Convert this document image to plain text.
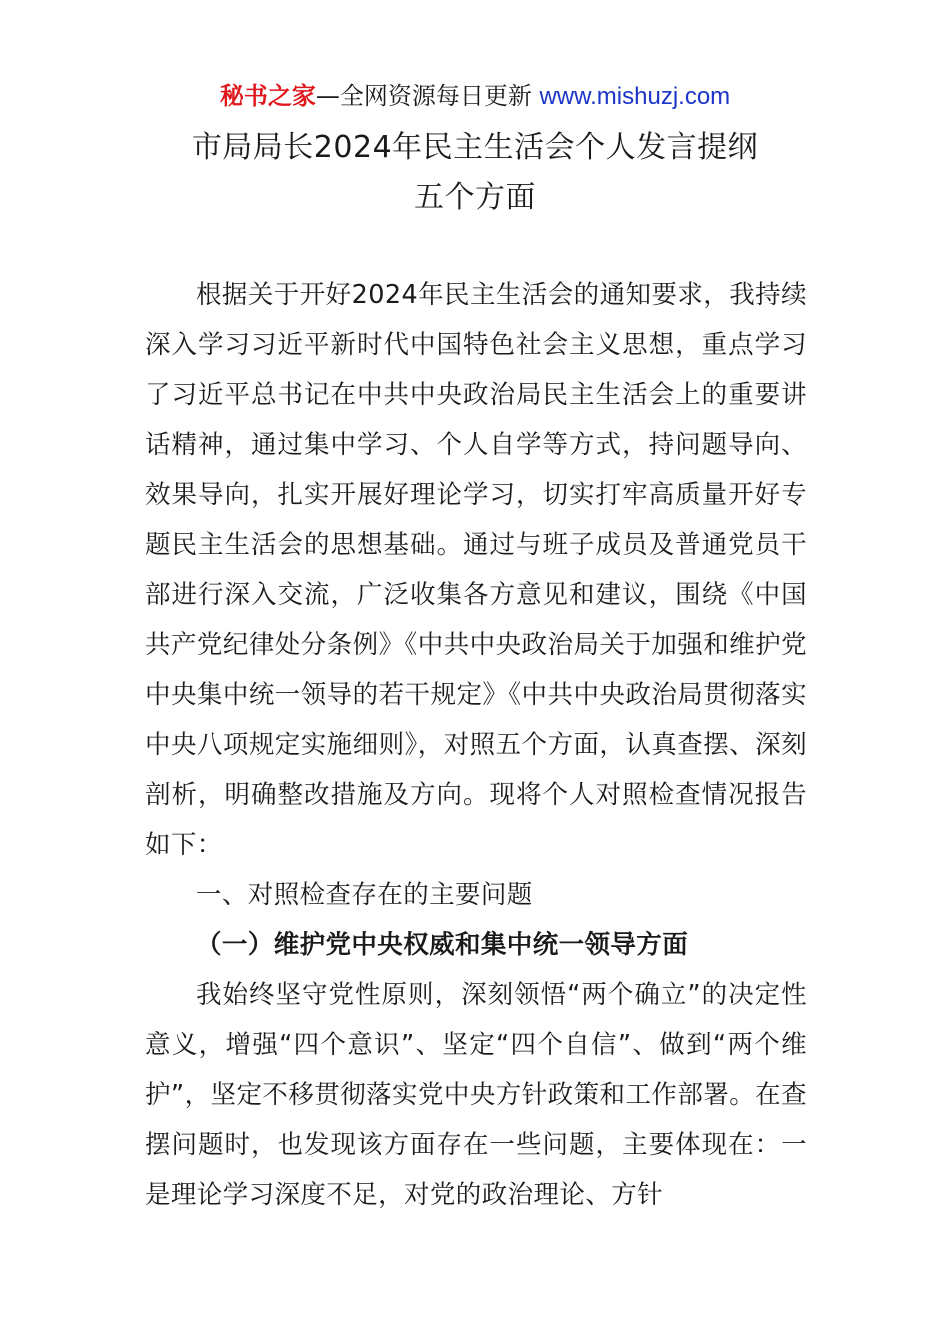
秘书之家—全网资源每日更新 www.mishuzj.com
市局局长2024年民主生活会个人发言提纲
五个方面

根据关于开好2024年民主生活会的通知要求，我持续深入学习习近平新时代中国特色社会主义思想，重点学习了习近平总书记在中共中央政治局民主生活会上的重要讲话精神，通过集中学习、个人自学等方式，持问题导向、效果导向，扎实开展好理论学习，切实打牢高质量开好专题民主生活会的思想基础。通过与班子成员及普通党员干部进行深入交流，广泛收集各方意见和建议，围绕《中国共产党纪律处分条例》《中共中央政治局关于加强和维护党中央集中统一领导的若干规定》《中共中央政治局贯彻落实中央八项规定实施细则》，对照五个方面，认真查摆、深刻剖析，明确整改措施及方向。现将个人对照检查情况报告如下：

一、对照检查存在的主要问题

（一）维护党中央权威和集中统一领导方面

我始终坚守党性原则，深刻领悟“两个确立”的决定性意义，增强“四个意识”、坚定“四个自信”、做到“两个维护”，坚定不移贯彻落实党中央方针政策和工作部署。在查摆问题时，也发现该方面存在一些问题，主要体现在：一是理论学习深度不足，对党的政治理论、方针
